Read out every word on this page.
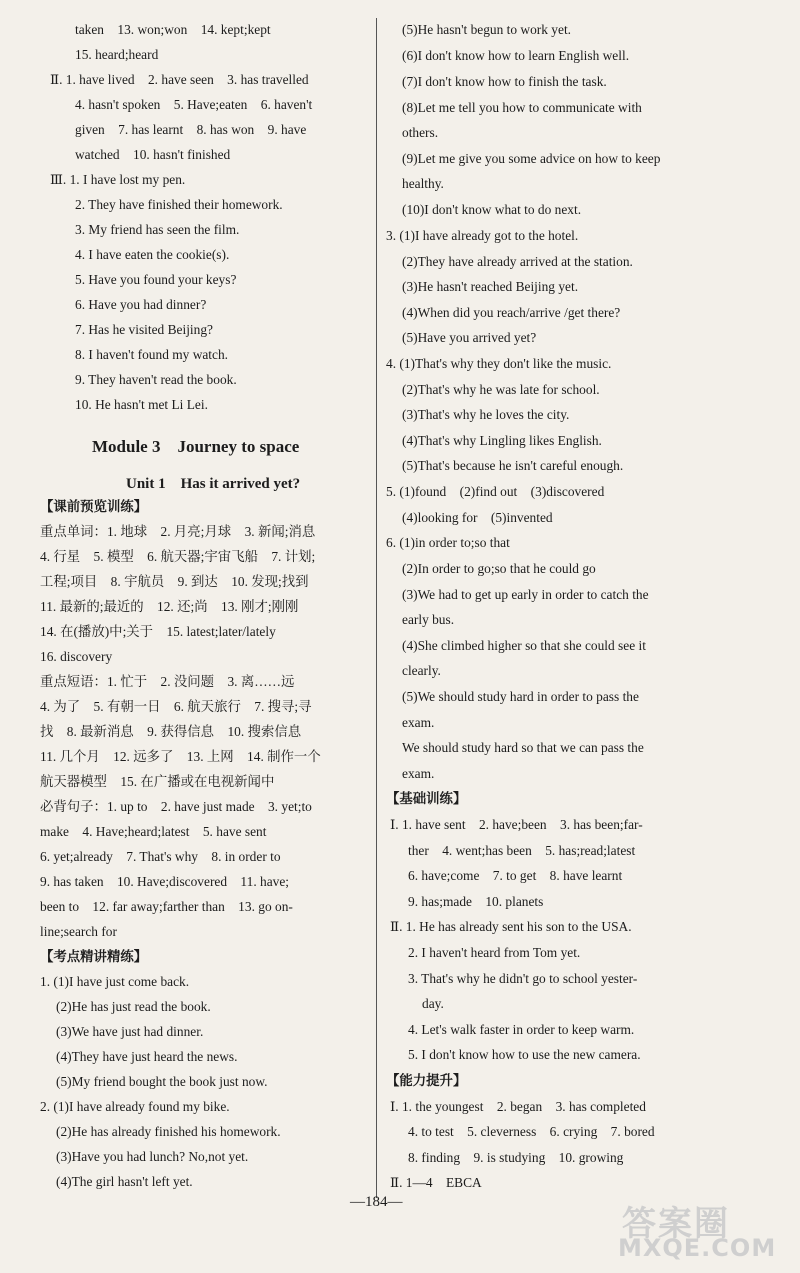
taken　13. won;won　14. kept;kept
15. heard;heard
Ⅱ. 1. have lived　2. have seen　3. has travelled
4. hasn't spoken　5. Have;eaten　6. haven't
given　7. has learnt　8. has won　9. have
watched　10. hasn't finished
Ⅲ. 1. I have lost my pen.
2. They have finished their homework.
3. My friend has seen the film.
4. I have eaten the cookie(s).
5. Have you found your keys?
6. Have you had dinner?
7. Has he visited Beijing?
8. I haven't found my watch.
9. They haven't read the book.
10. He hasn't met Li Lei.
Module 3　Journey to space
Unit 1　Has it arrived yet?
【课前预览训练】
重点单词：1. 地球　2. 月亮;月球　3. 新闻;消息
4. 行星　5. 模型　6. 航天器;宇宙飞船　7. 计划;
工程;项目　8. 宇航员　9. 到达　10. 发现;找到
11. 最新的;最近的　12. 还;尚　13. 刚才;刚刚
14. 在(播放)中;关于　15. latest;later/lately
16. discovery
重点短语：1. 忙于　2. 没问题　3. 离……远
4. 为了　5. 有朝一日　6. 航天旅行　7. 搜寻;寻
找　8. 最新消息　9. 获得信息　10. 搜索信息
11. 几个月　12. 远多了　13. 上网　14. 制作一个
航天器模型　15. 在广播或在电视新闻中
必背句子：1. up to　2. have just made　3. yet;to
make　4. Have;heard;latest　5. have sent
6. yet;already　7. That's why　8. in order to
9. has taken　10. Have;discovered　11. have;
been to　12. far away;farther than　13. go on-
line;search for
【考点精讲精练】
1. (1)I have just come back.
(2)He has just read the book.
(3)We have just had dinner.
(4)They have just heard the news.
(5)My friend bought the book just now.
2. (1)I have already found my bike.
(2)He has already finished his homework.
(3)Have you had lunch? No,not yet.
(4)The girl hasn't left yet.
(5)He hasn't begun to work yet.
(6)I don't know how to learn English well.
(7)I don't know how to finish the task.
(8)Let me tell you how to communicate with
others.
(9)Let me give you some advice on how to keep
healthy.
(10)I don't know what to do next.
3. (1)I have already got to the hotel.
(2)They have already arrived at the station.
(3)He hasn't reached Beijing yet.
(4)When did you reach/arrive /get there?
(5)Have you arrived yet?
4. (1)That's why they don't like the music.
(2)That's why he was late for school.
(3)That's why he loves the city.
(4)That's why Lingling likes English.
(5)That's because he isn't careful enough.
5. (1)found　(2)find out　(3)discovered
(4)looking for　(5)invented
6. (1)in order to;so that
(2)In order to go;so that he could go
(3)We had to get up early in order to catch the
early bus.
(4)She climbed higher so that she could see it
clearly.
(5)We should study hard in order to pass the
exam.
We should study hard so that we can pass the
exam.
【基础训练】
Ⅰ. 1. have sent　2. have;been　3. has been;far-
ther　4. went;has been　5. has;read;latest
6. have;come　7. to get　8. have learnt
9. has;made　10. planets
Ⅱ. 1. He has already sent his son to the USA.
2. I haven't heard from Tom yet.
3. That's why he didn't go to school yester-
day.
4. Let's walk faster in order to keep warm.
5. I don't know how to use the new camera.
【能力提升】
Ⅰ. 1. the youngest　2. began　3. has completed
4. to test　5. cleverness　6. crying　7. bored
8. finding　9. is studying　10. growing
Ⅱ. 1—4　EBCA
—184—
答案圈
MXQE.COM
